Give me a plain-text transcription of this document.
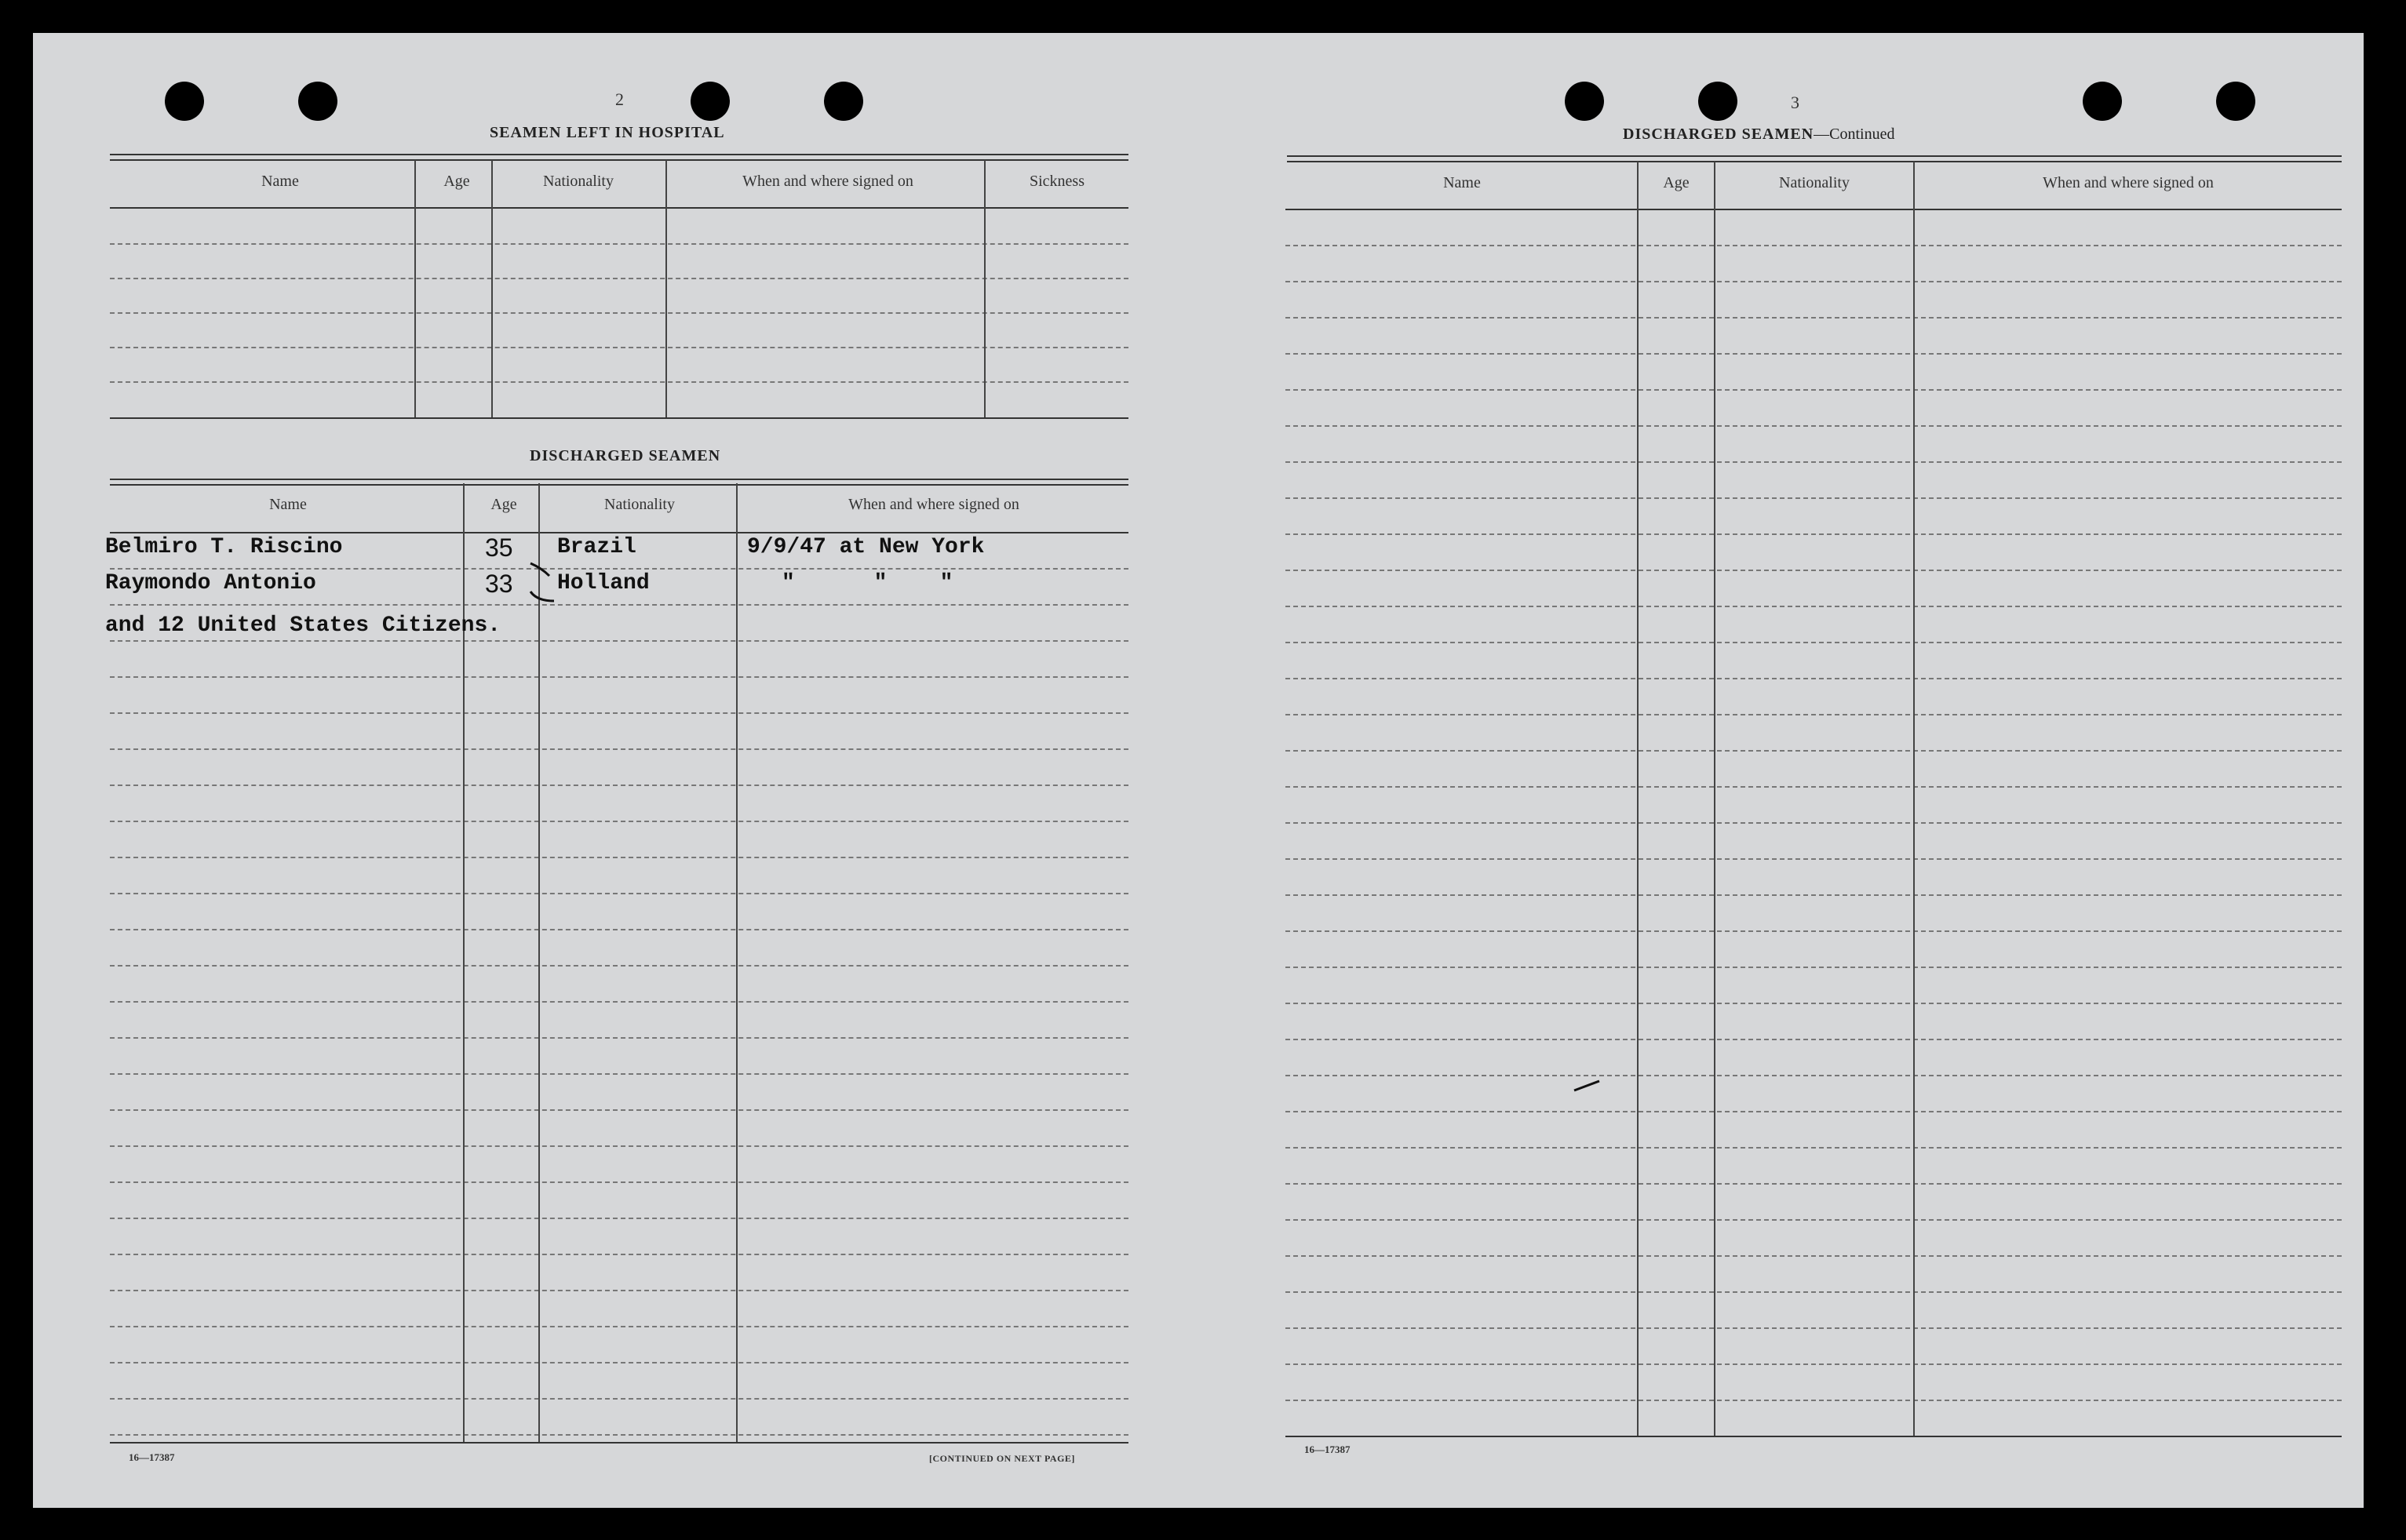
2
SEAMEN LEFT IN HOSPITAL
Name	Age	Nationality	When and where signed on	Sickness
DISCHARGED SEAMEN
Name	Age	Nationality	When and where signed on
Belmiro T. Riscino	35 Brazil	9/9/47 at New York
Raymondo Antonio	33 Holland	"      "    "
and 12 United States Citizens.
16—17387	[CONTINUED ON NEXT PAGE]
3
DISCHARGED SEAMEN—Continued
Name	Age	Nationality	When and where signed on
16—17387
